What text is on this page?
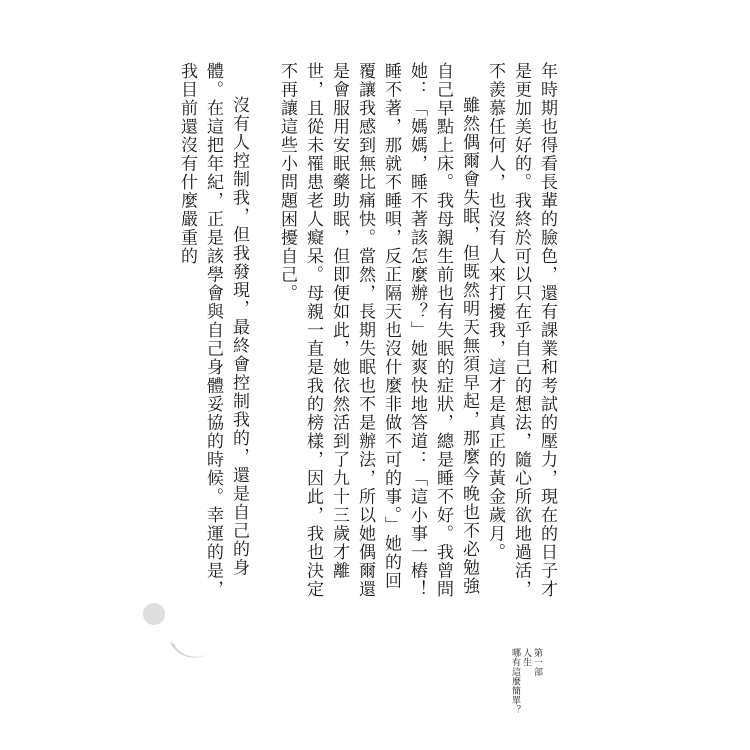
年時期也得看長輩的臉色，還有課業和考試的壓力，現在的日子才是更加美好的。我終於可以只在乎自己的想法，隨心所欲地過活，不羨慕任何人，也沒有人來打擾我，這才是真正的黃金歲月。

雖然偶爾會失眠，但既然明天無須早起，那麼今晚也不必勉強自己早點上床。我母親生前也有失眠的症狀，總是睡不好。我曾問她：「媽媽，睡不著該怎麼辦？」她爽快地答道：「這小事一樁！睡不著，那就不睡唄，反正隔天也沒什麼非做不可的事。」她的回覆讓我感到無比痛快。當然，長期失眠也不是辦法，所以她偶爾還是會服用安眠藥助眠，但即便如此，她依然活到了九十三歲才離世，且從未罹患老人癡呆。母親一直是我的榜樣，因此，我也決定不再讓這些小問題困擾自己。

沒有人控制我，但我發現，最終會控制我的，還是自己的身體。在這把年紀，正是該學會與自己身體妥協的時候。幸運的是，我目前還沒有什麼嚴重的

第一部
人生
哪有這麼簡單？
